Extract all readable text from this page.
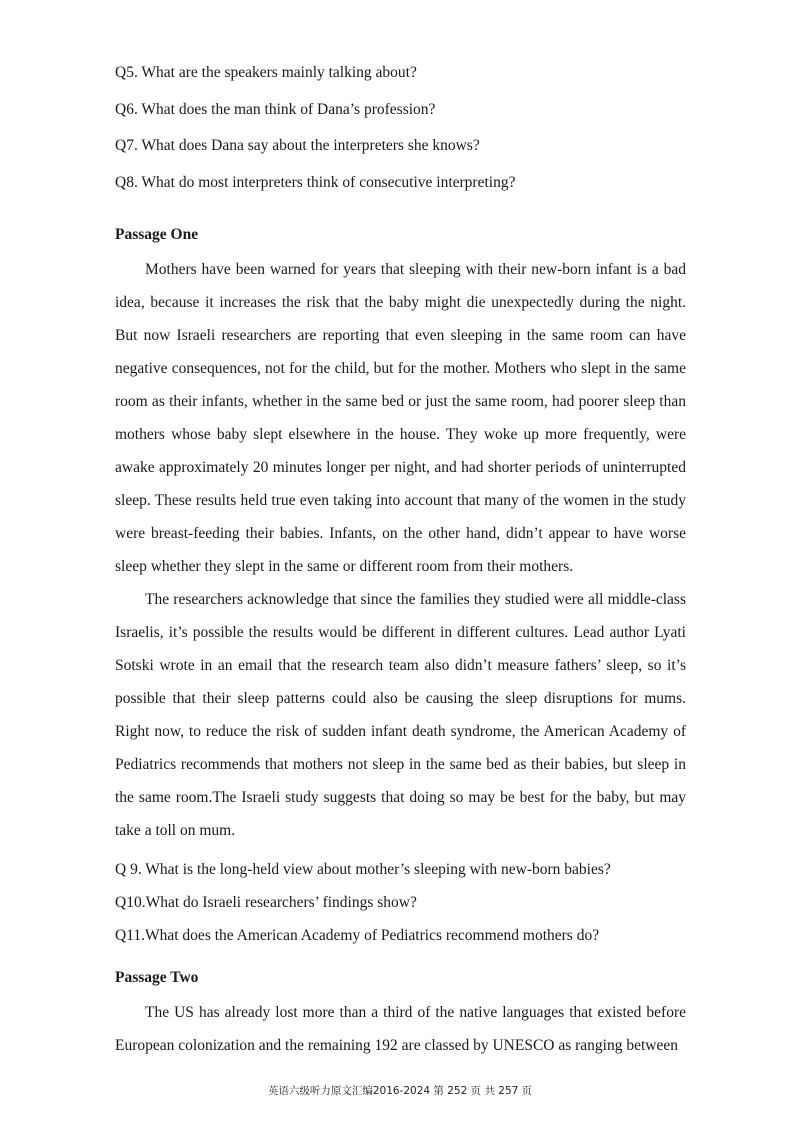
Q5. What are the speakers mainly talking about?

Q6. What does the man think of Dana’s profession?

Q7. What does Dana say about the interpreters she knows?

Q8. What do most interpreters think of consecutive interpreting?

Passage One

Mothers have been warned for years that sleeping with their new-born infant is a bad idea, because it increases the risk that the baby might die unexpectedly during the night. But now Israeli researchers are reporting that even sleeping in the same room can have negative consequences, not for the child, but for the mother. Mothers who slept in the same room as their infants, whether in the same bed or just the same room, had poorer sleep than mothers whose baby slept elsewhere in the house. They woke up more frequently, were awake approximately 20 minutes longer per night, and had shorter periods of uninterrupted sleep. These results held true even taking into account that many of the women in the study were breast-feeding their babies. Infants, on the other hand, didn’t appear to have worse sleep whether they slept in the same or different room from their mothers.

The researchers acknowledge that since the families they studied were all middle-class Israelis, it’s possible the results would be different in different cultures. Lead author Lyati Sotski wrote in an email that the research team also didn’t measure fathers’ sleep, so it’s possible that their sleep patterns could also be causing the sleep disruptions for mums. Right now, to reduce the risk of sudden infant death syndrome, the American Academy of Pediatrics recommends that mothers not sleep in the same bed as their babies, but sleep in the same room.The Israeli study suggests that doing so may be best for the baby, but may take a toll on mum.

Q 9. What is the long-held view about mother’s sleeping with new-born babies?

Q10.What do Israeli researchers’ findings show?

Q11.What does the American Academy of Pediatrics recommend mothers do?

Passage Two

The US has already lost more than a third of the native languages that existed before European colonization and the remaining 192 are classed by UNESCO as ranging between

英语六级听力原文汇编2016-2024 第 252 页 共 257 页
